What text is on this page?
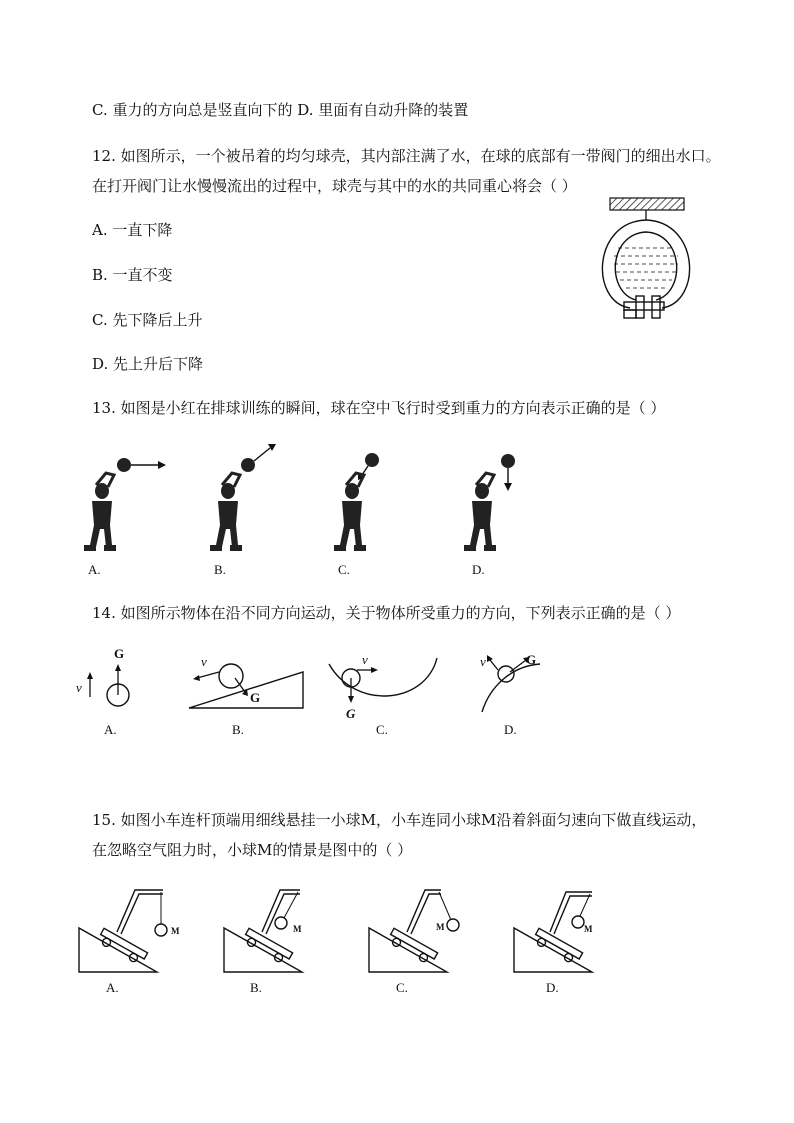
C. 重力的方向总是竖直向下的 D. 里面有自动升降的装置
12. 如图所示，一个被吊着的均匀球壳，其内部注满了水，在球的底部有一带阀门的细出水口。
在打开阀门让水慢慢流出的过程中，球壳与其中的水的共同重心将会（ ）
A. 一直下降
B. 一直不变
C. 先下降后上升
D. 先上升后下降
13. 如图是小红在排球训练的瞬间，球在空中飞行时受到重力的方向表示正确的是（ ）
A.	B.	C.	D.
14. 如图所示物体在沿不同方向运动，关于物体所受重力的方向，下列表示正确的是（ ）
G
v
A.
v
G
B.
v
G
C.
v	G
D.
15. 如图小车连杆顶端用细线悬挂一小球M，小车连同小球M沿着斜面匀速向下做直线运动，
在忽略空气阻力时，小球M的情景是图中的（ ）
M
A.
M
B.
M
C.
M
D.
